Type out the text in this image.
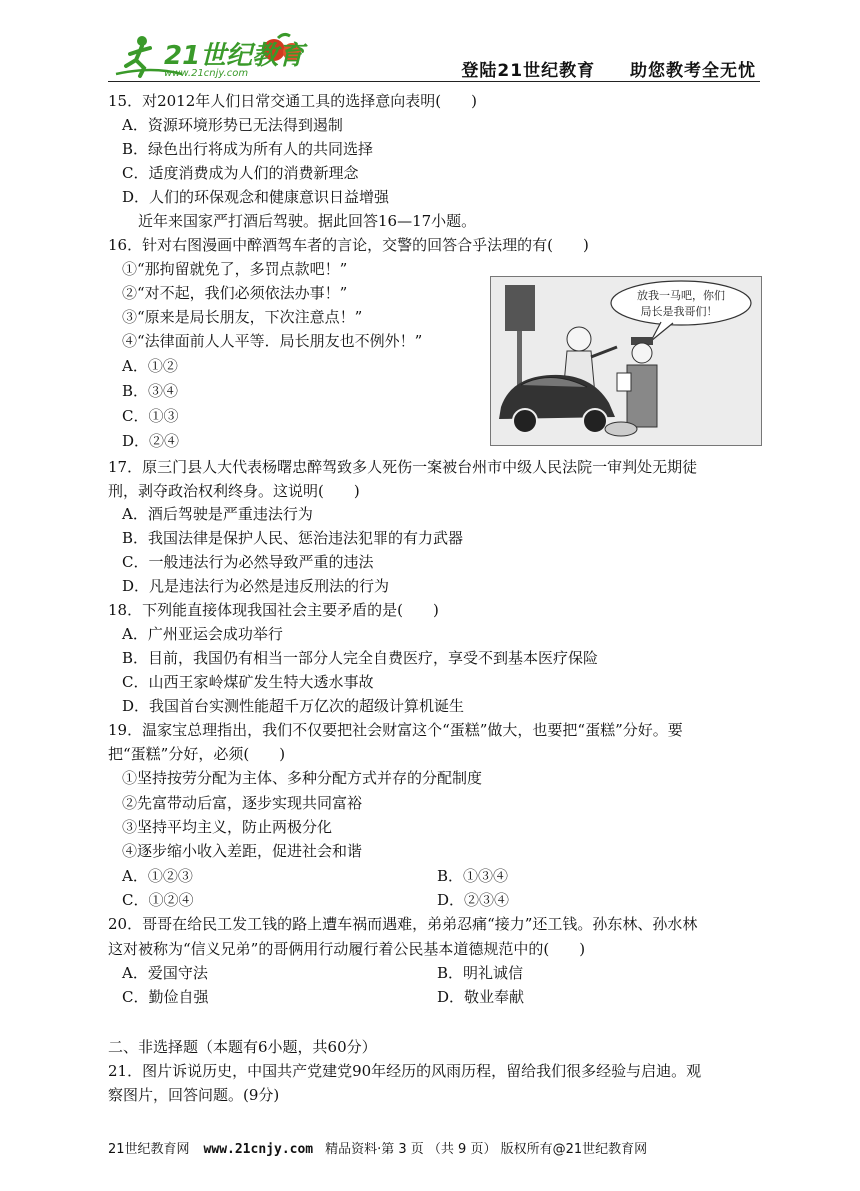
21世纪教育
www.21cnjy.com	登陆21世纪教育 助您教考全无忧
15．对2012年人们日常交通工具的选择意向表明(　　)
A．资源环境形势已无法得到遏制
B．绿色出行将成为所有人的共同选择
C．适度消费成为人们的消费新理念
D．人们的环保观念和健康意识日益增强
近年来国家严打酒后驾驶。据此回答16—17小题。
16．针对右图漫画中醉酒驾车者的言论，交警的回答合乎法理的有(　　)
①“那拘留就免了，多罚点款吧！”
②“对不起，我们必须依法办事！”
③“原来是局长朋友，下次注意点！”
④“法律面前人人平等．局长朋友也不例外！”
A．①②
B．③④
C．①③
D．②④
放我一马吧，你们
局长是我哥们！
17．原三门县人大代表杨曙忠醉驾致多人死伤一案被台州市中级人民法院一审判处无期徒
刑，剥夺政治权利终身。这说明(　　)
A．酒后驾驶是严重违法行为
B．我国法律是保护人民、惩治违法犯罪的有力武器
C．一般违法行为必然导致严重的违法
D．凡是违法行为必然是违反刑法的行为
18．下列能直接体现我国社会主要矛盾的是(　　)
A．广州亚运会成功举行
B．目前，我国仍有相当一部分人完全自费医疗，享受不到基本医疗保险
C．山西王家岭煤矿发生特大透水事故
D．我国首台实测性能超千万亿次的超级计算机诞生
19．温家宝总理指出，我们不仅要把社会财富这个“蛋糕”做大，也要把“蛋糕”分好。要
把“蛋糕”分好，必须(　　)
①坚持按劳分配为主体、多种分配方式并存的分配制度
②先富带动后富，逐步实现共同富裕
③坚持平均主义，防止两极分化
④逐步缩小收入差距，促进社会和谐
A．①②③	B．①③④
C．①②④	D．②③④
20．哥哥在给民工发工钱的路上遭车祸而遇难，弟弟忍痛“接力”还工钱。孙东林、孙水林
这对被称为“信义兄弟”的哥俩用行动履行着公民基本道德规范中的(　　)
A．爱国守法	B．明礼诚信
C．勤俭自强	D．敬业奉献
二、非选择题（本题有6小题，共60分）
21．图片诉说历史，中国共产党建党90年经历的风雨历程，留给我们很多经验与启迪。观
察图片，回答问题。(9分)
21世纪教育网 www.21cnjy.com 精品资料·第 3 页 （共 9 页） 版权所有@21世纪教育网
